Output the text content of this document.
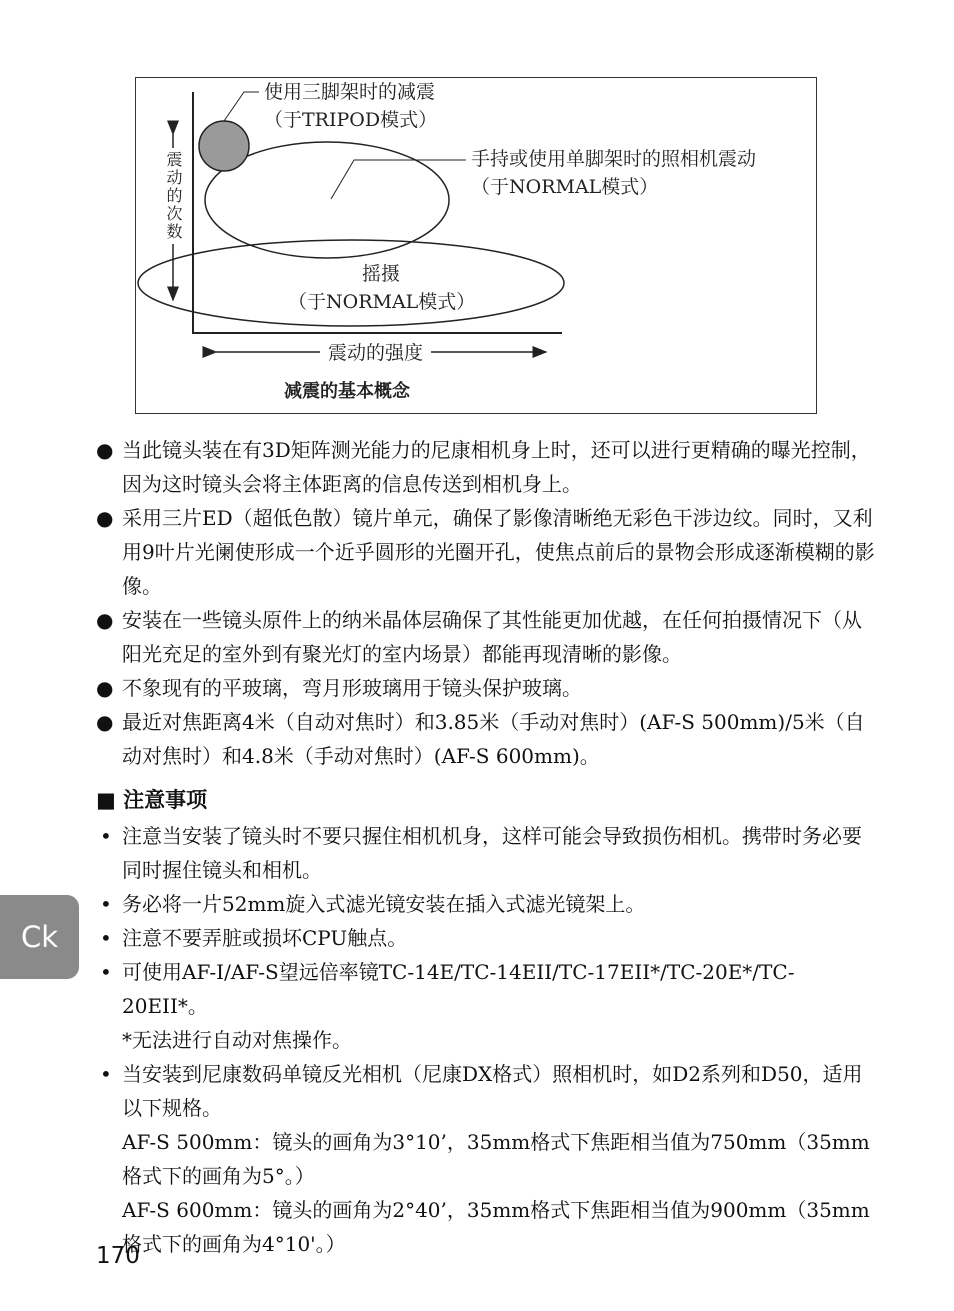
使用三脚架时的减震
（于TRIPOD模式）
手持或使用单脚架时的照相机震动
（于NORMAL模式）
摇摄
（于NORMAL模式）
震动的次数
震动的强度
减震的基本概念
● 当此镜头装在有3D矩阵测光能力的尼康相机身上时，还可以进行更精确的曝光控制，因为这时镜头会将主体距离的信息传送到相机身上。
● 采用三片ED（超低色散）镜片单元，确保了影像清晰绝无彩色干涉边纹。同时，又利用9叶片光阑使形成一个近乎圆形的光圈开孔，使焦点前后的景物会形成逐渐模糊的影像。
● 安装在一些镜头原件上的纳米晶体层确保了其性能更加优越，在任何拍摄情况下（从阳光充足的室外到有聚光灯的室内场景）都能再现清晰的影像。
● 不象现有的平玻璃，弯月形玻璃用于镜头保护玻璃。
● 最近对焦距离4米（自动对焦时）和3.85米（手动对焦时）(AF-S 500mm)/5米（自动对焦时）和4.8米（手动对焦时）(AF-S 600mm)。
■ 注意事项
• 注意当安装了镜头时不要只握住相机机身，这样可能会导致损伤相机。携带时务必要同时握住镜头和相机。
• 务必将一片52mm旋入式滤光镜安装在插入式滤光镜架上。
• 注意不要弄脏或损坏CPU触点。
• 可使用AF-I/AF-S望远倍率镜TC-14E/TC-14EII/TC-17EII*/TC-20E*/TC-20EII*。
*无法进行自动对焦操作。
• 当安装到尼康数码单镜反光相机（尼康DX格式）照相机时，如D2系列和D50，适用以下规格。
AF-S 500mm：镜头的画角为3°10’，35mm格式下焦距相当值为750mm（35mm格式下的画角为5°。）
AF-S 600mm：镜头的画角为2°40’，35mm格式下焦距相当值为900mm（35mm格式下的画角为4°10'。）
Ck
170
